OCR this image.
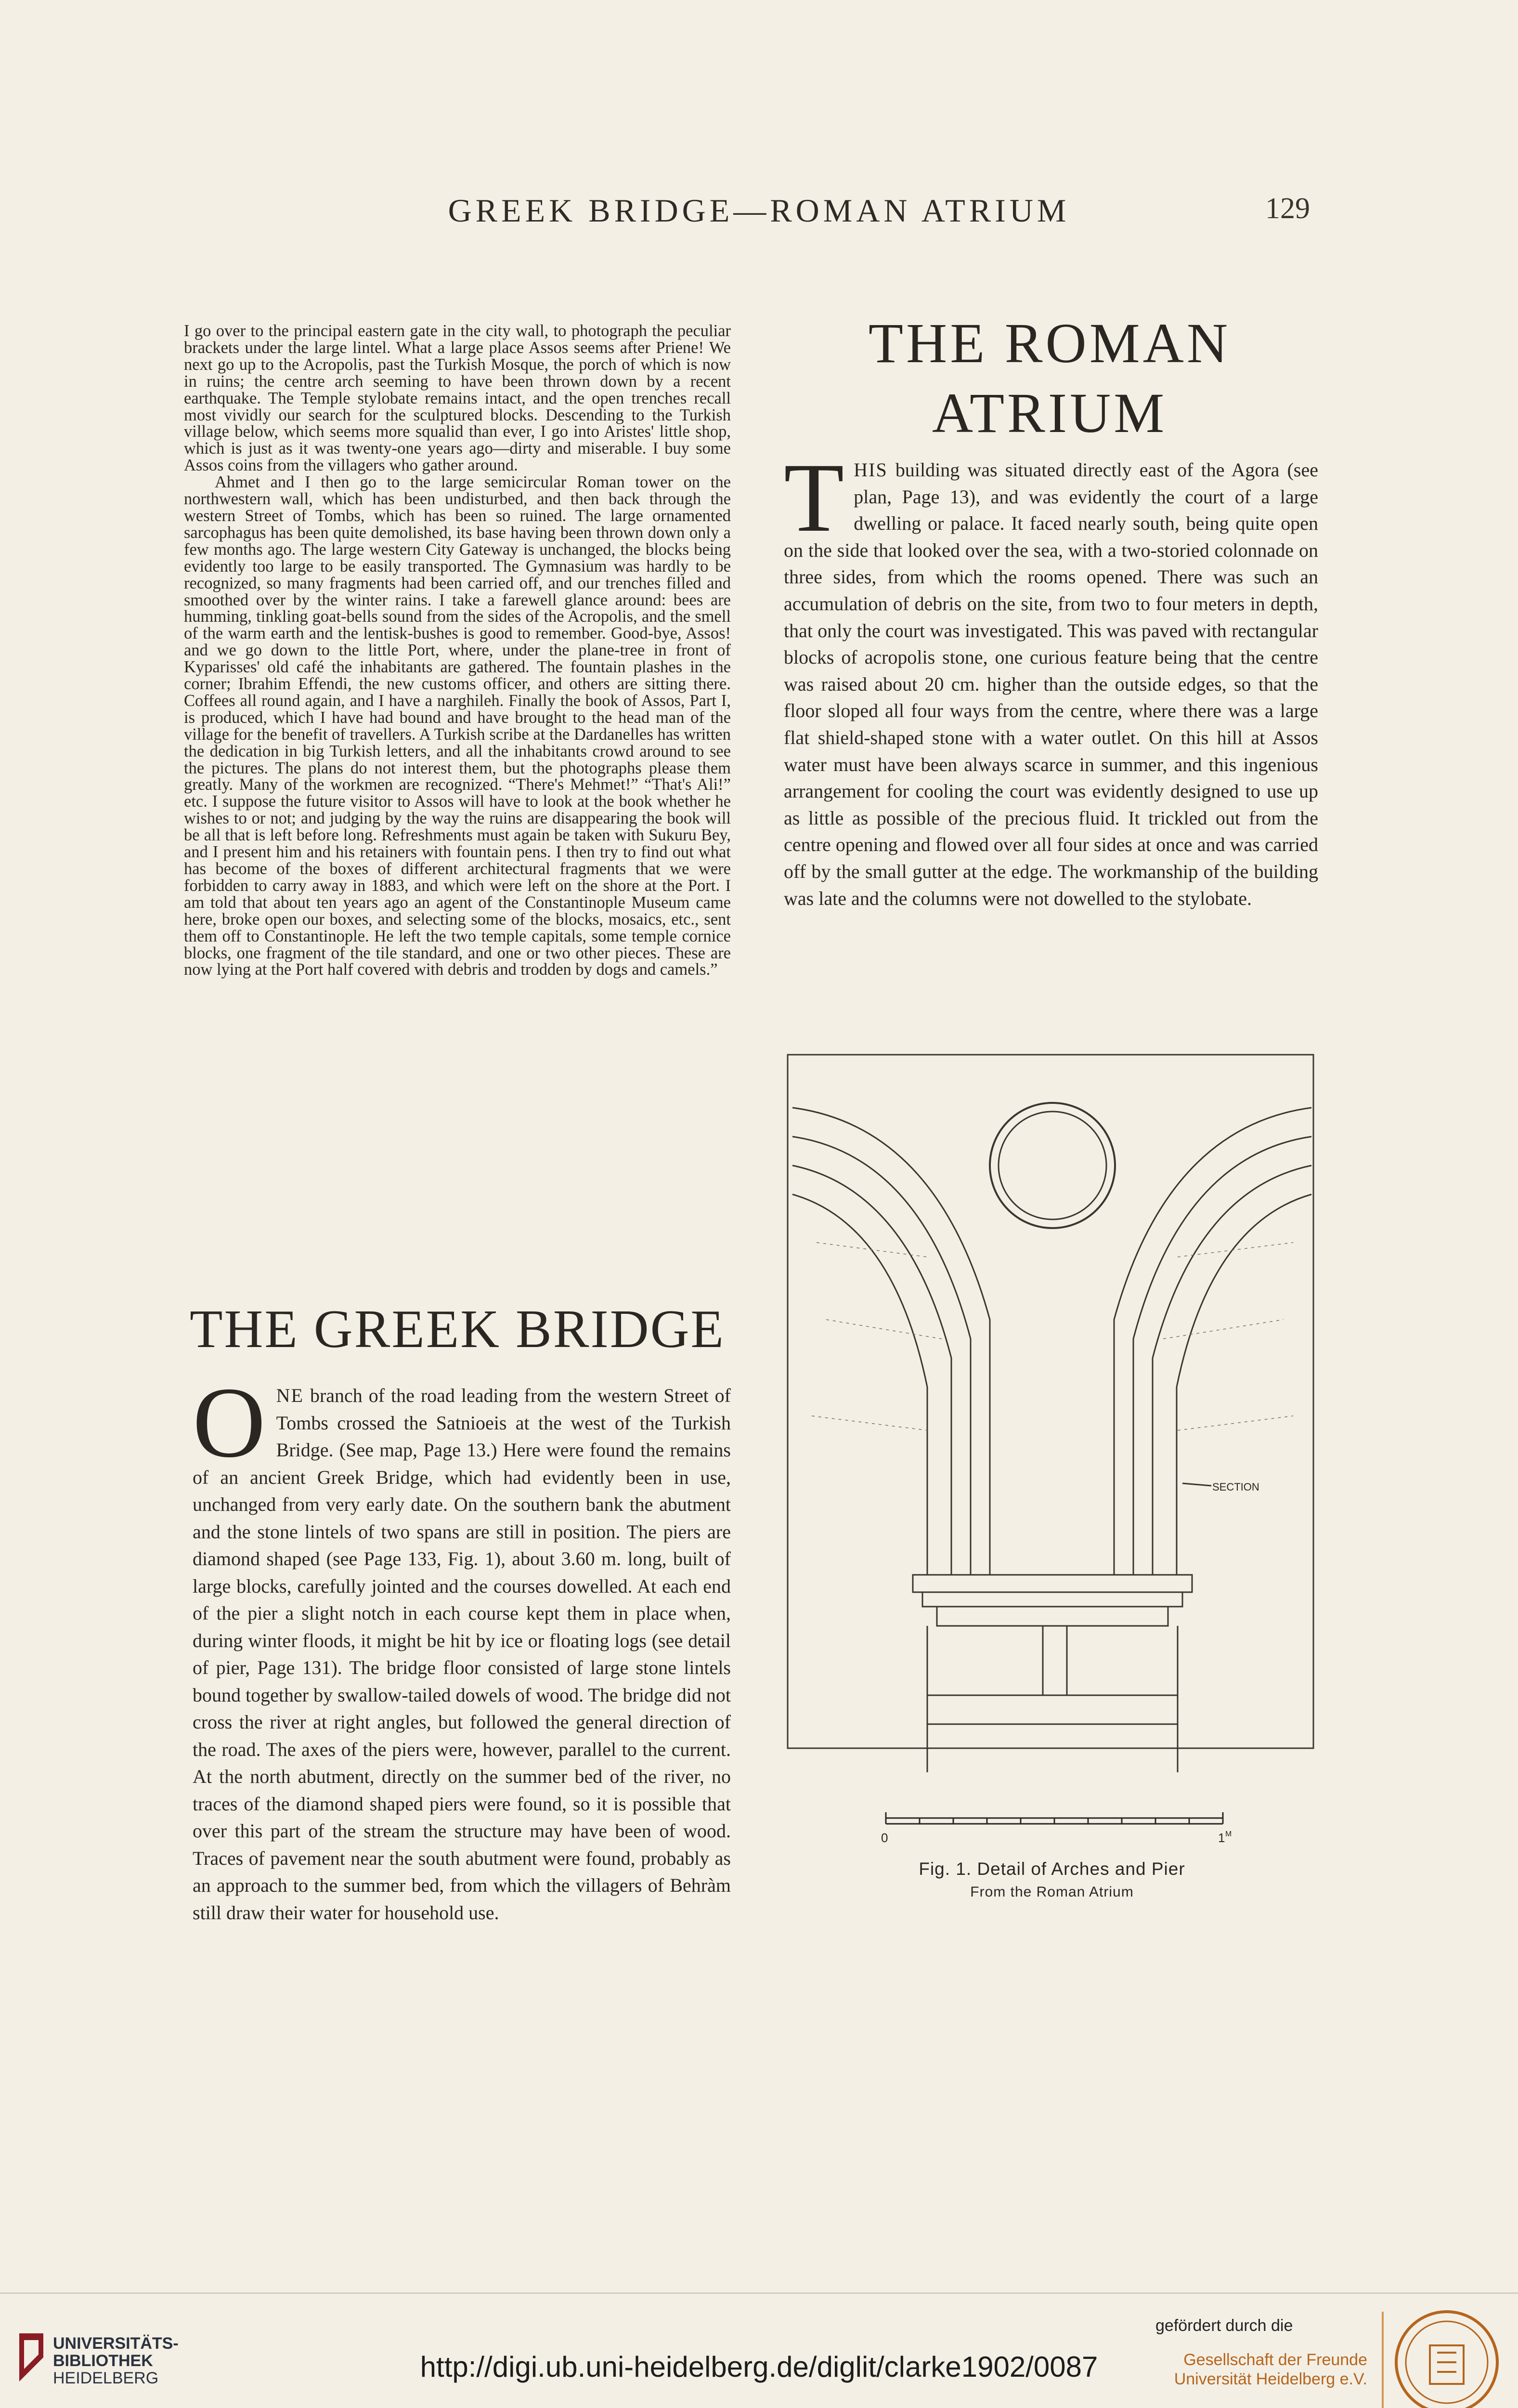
GREEK BRIDGE—ROMAN ATRIUM	129

I go over to the principal eastern gate in the city wall, to photograph the peculiar brackets under the large lintel. What a large place Assos seems after Priene! We next go up to the Acropolis, past the Turkish Mosque, the porch of which is now in ruins; the centre arch seeming to have been thrown down by a recent earthquake. The Temple stylobate remains intact, and the open trenches recall most vividly our search for the sculptured blocks. Descending to the Turkish village below, which seems more squalid than ever, I go into Aristes' little shop, which is just as it was twenty-one years ago—dirty and miserable. I buy some Assos coins from the villagers who gather around.

Ahmet and I then go to the large semicircular Roman tower on the northwestern wall, which has been undisturbed, and then back through the western Street of Tombs, which has been so ruined. The large ornamented sarcophagus has been quite demolished, its base having been thrown down only a few months ago. The large western City Gateway is unchanged, the blocks being evidently too large to be easily transported. The Gymnasium was hardly to be recognized, so many fragments had been carried off, and our trenches filled and smoothed over by the winter rains. I take a farewell glance around: bees are humming, tinkling goat-bells sound from the sides of the Acropolis, and the smell of the warm earth and the lentisk-bushes is good to remember. Good-bye, Assos! and we go down to the little Port, where, under the plane-tree in front of Kyparisses' old café the inhabitants are gathered. The fountain plashes in the corner; Ibrahim Effendi, the new customs officer, and others are sitting there. Coffees all round again, and I have a narghileh. Finally the book of Assos, Part I, is produced, which I have had bound and have brought to the head man of the village for the benefit of travellers. A Turkish scribe at the Dardanelles has written the dedication in big Turkish letters, and all the inhabitants crowd around to see the pictures. The plans do not interest them, but the photographs please them greatly. Many of the workmen are recognized. “There's Mehmet!” “That's Ali!” etc. I suppose the future visitor to Assos will have to look at the book whether he wishes to or not; and judging by the way the ruins are disappearing the book will be all that is left before long. Refreshments must again be taken with Sukuru Bey, and I present him and his retainers with fountain pens. I then try to find out what has become of the boxes of different architectural fragments that we were forbidden to carry away in 1883, and which were left on the shore at the Port. I am told that about ten years ago an agent of the Constantinople Museum came here, broke open our boxes, and selecting some of the blocks, mosaics, etc., sent them off to Constantinople. He left the two temple capitals, some temple cornice blocks, one fragment of the tile standard, and one or two other pieces. These are now lying at the Port half covered with debris and trodden by dogs and camels.”

THE ROMAN
ATRIUM

THIS building was situated directly east of the Agora (see plan, Page 13), and was evidently the court of a large dwelling or palace. It faced nearly south, being quite open on the side that looked over the sea, with a two-storied colonnade on three sides, from which the rooms opened. There was such an accumulation of debris on the site, from two to four meters in depth, that only the court was investigated. This was paved with rectangular blocks of acropolis stone, one curious feature being that the centre was raised about 20 cm. higher than the outside edges, so that the floor sloped all four ways from the centre, where there was a large flat shield-shaped stone with a water outlet. On this hill at Assos water must have been always scarce in summer, and this ingenious arrangement for cooling the court was evidently designed to use up as little as possible of the precious fluid. It trickled out from the centre opening and flowed over all four sides at once and was carried off by the small gutter at the edge. The workmanship of the building was late and the columns were not dowelled to the stylobate.

SECTION
0	1 M
Fig. 1. Detail of Arches and Pier
From the Roman Atrium
THE GREEK BRIDGE

ONE branch of the road leading from the western Street of Tombs crossed the Satnioeis at the west of the Turkish Bridge. (See map, Page 13.) Here were found the remains of an ancient Greek Bridge, which had evidently been in use, unchanged from very early date. On the southern bank the abutment and the stone lintels of two spans are still in position. The piers are diamond shaped (see Page 133, Fig. 1), about 3.60 m. long, built of large blocks, carefully jointed and the courses dowelled. At each end of the pier a slight notch in each course kept them in place when, during winter floods, it might be hit by ice or floating logs (see detail of pier, Page 131). The bridge floor consisted of large stone lintels bound together by swallow-tailed dowels of wood. The bridge did not cross the river at right angles, but followed the general direction of the road. The axes of the piers were, however, parallel to the current. At the north abutment, directly on the summer bed of the river, no traces of the diamond shaped piers were found, so it is possible that over this part of the stream the structure may have been of wood. Traces of pavement near the south abutment were found, probably as an approach to the summer bed, from which the villagers of Behràm still draw their water for household use.

UNIVERSITÄTS-
BIBLIOTHEK
HEIDELBERG	http://digi.ub.uni-heidelberg.de/diglit/clarke1902/0087
gefördert durch die
Gesellschaft der Freunde
Universität Heidelberg e.V.
